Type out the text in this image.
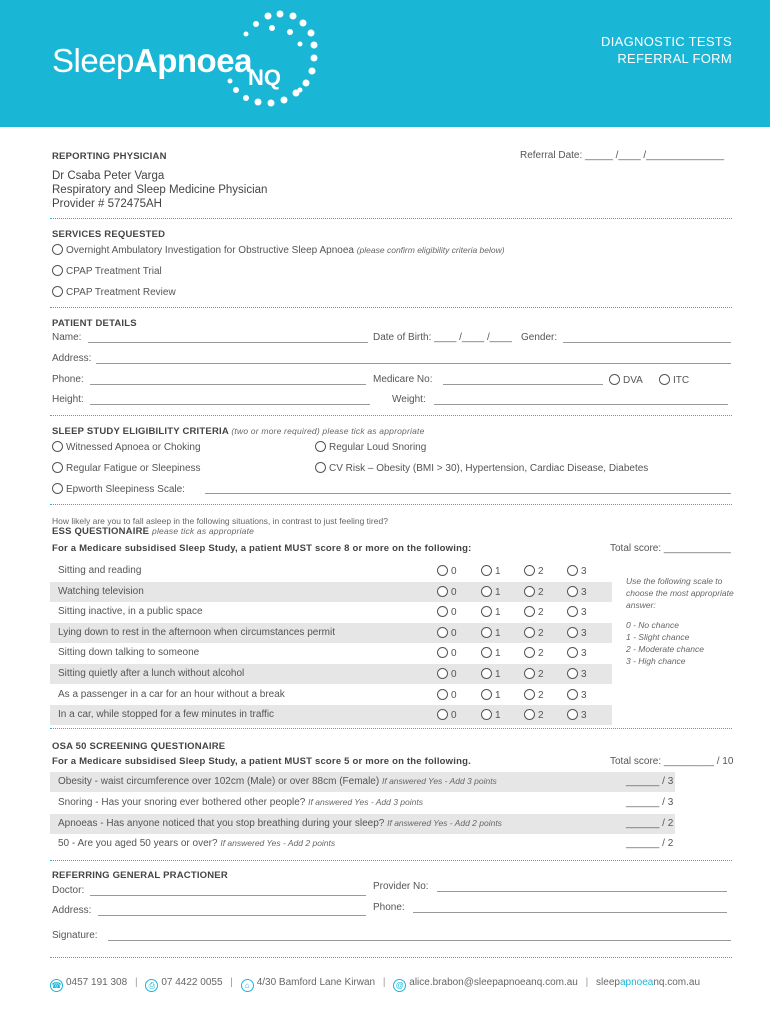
SleepApnoea
NQ
DIAGNOSTIC TESTS
REFERRAL FORM
REPORTING PHYSICIAN	Referral Date: _____ /____ /______________
Dr Csaba Peter Varga
Respiratory and Sleep Medicine Physician
Provider # 572475AH
SERVICES REQUESTED
Overnight Ambulatory Investigation for Obstructive Sleep Apnoea (please confirm eligibility criteria below)
CPAP Treatment Trial
CPAP Treatment Review
PATIENT DETAILS
Name:	Date of Birth: ____ /____ /____ Gender:
Address:
Phone:	Medicare No:	DVA	ITC
Height:	Weight:
SLEEP STUDY ELIGIBILITY CRITERIA (two or more required) please tick as appropriate
Witnessed Apnoea or Choking	Regular Loud Snoring
Regular Fatigue or Sleepiness	CV Risk – Obesity (BMI > 30), Hypertension, Cardiac Disease, Diabetes
Epworth Sleepiness Scale:
How likely are you to fall asleep in the following situations, in contrast to just feeling tired?
ESS QUESTIONAIRE please tick as appropriate
For a Medicare subsidised Sleep Study, a patient MUST score 8 or more on the following:	Total score: ____________
Sitting and reading	0	1	2	3
Watching television	0	1	2	3
Sitting inactive, in a public space	0	1	2	3
Lying down to rest in the afternoon when circumstances permit	0	1	2	3
Sitting down talking to someone	0	1	2	3
Sitting quietly after a lunch without alcohol	0	1	2	3
As a passenger in a car for an hour without a break	0	1	2	3
In a car, while stopped for a few minutes in traffic	0	1	2	3
Use the following scale to choose the most appropriate answer:
0 - No chance
1 - Slight chance
2 - Moderate chance
3 - High chance
OSA 50 SCREENING QUESTIONAIRE
For a Medicare subsidised Sleep Study, a patient MUST score 5 or more on the following.	Total score: _________ / 10
Obesity - waist circumference over 102cm (Male) or over 88cm (Female) If answered Yes - Add 3 points	______ / 3
Snoring - Has your snoring ever bothered other people? If answered Yes - Add 3 points	______ / 3
Apnoeas - Has anyone noticed that you stop breathing during your sleep? If answered Yes - Add 2 points	______ / 2
50 - Are you aged 50 years or over? If answered Yes - Add 2 points	______ / 2
REFERRING GENERAL PRACTIONER
Doctor:	Provider No:
Address:	Phone:
Signature:
☎ 0457 191 308 | ⎙ 07 4422 0055 | ⌂ 4/30 Bamford Lane Kirwan | @ alice.brabon@sleepapnoeanq.com.au | sleepapnoeanq.com.au
